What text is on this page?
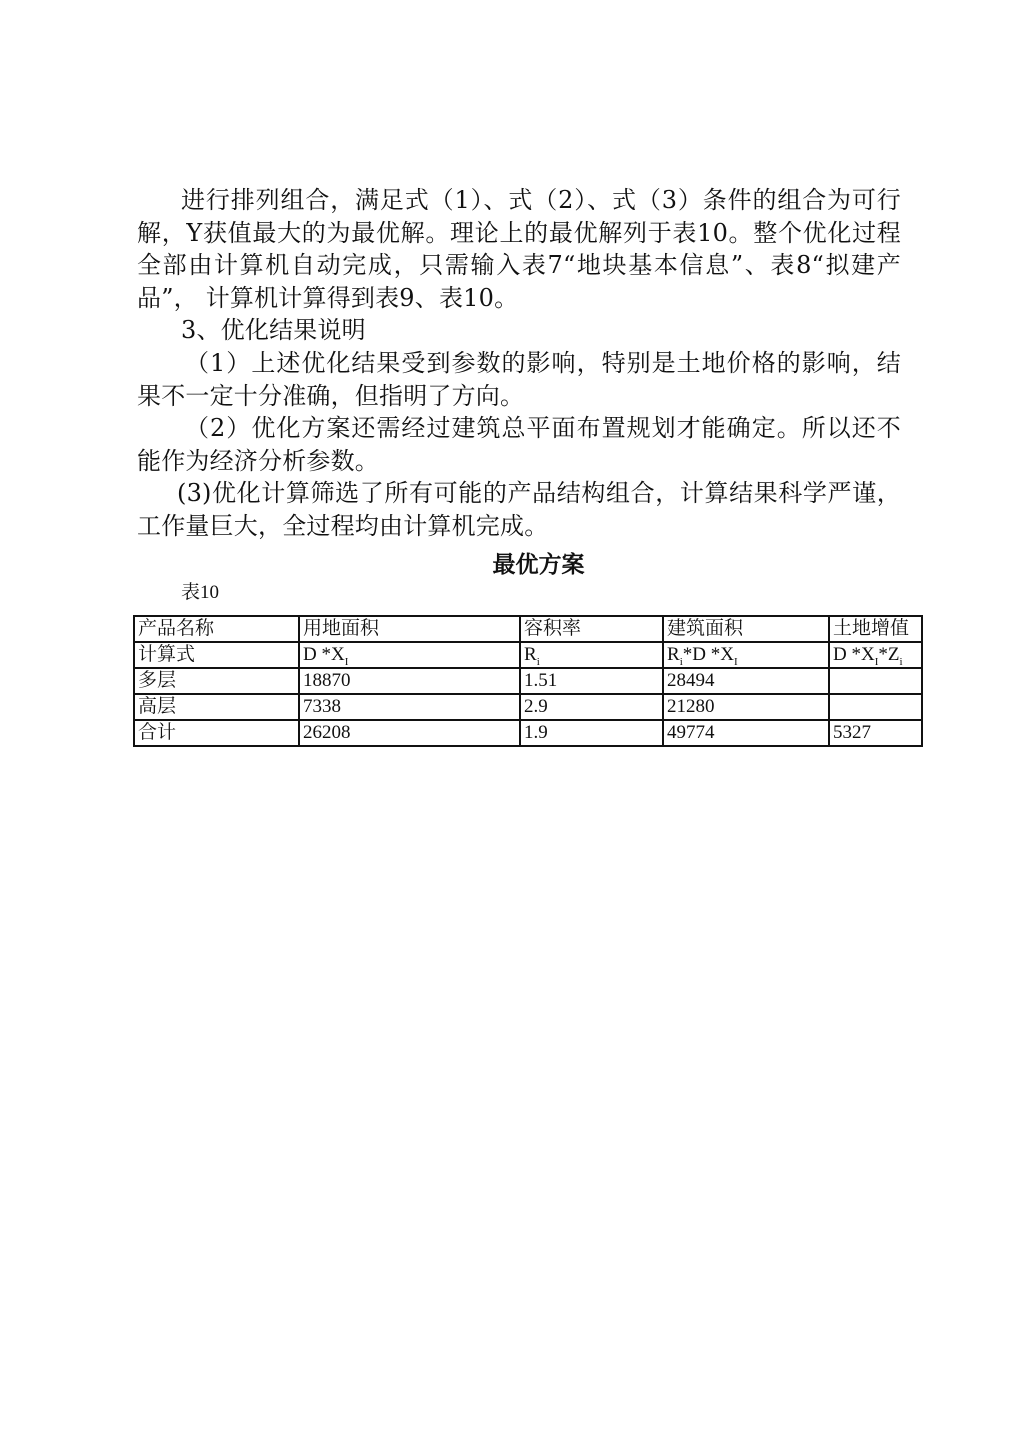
进行排列组合，满足式（1）、式（2）、式（3）条件的组合为可行解，Y获值最大的为最优解。理论上的最优解列于表10。整个优化过程全部由计算机自动完成，只需输入表7“地块基本信息”、表8“拟建产品”， 计算机计算得到表9、表10。

3、优化结果说明

（1）上述优化结果受到参数的影响，特别是土地价格的影响，结果不一定十分准确，但指明了方向。

（2）优化方案还需经过建筑总平面布置规划才能确定。所以还不能作为经济分析参数。

(3)优化计算筛选了所有可能的产品结构组合，计算结果科学严谨，工作量巨大，全过程均由计算机完成。

最优方案
表10
产品名称	用地面积	容积率	建筑面积	土地增值
计算式	D $*X_I$	$R_i$	$R_i*D$ $*X_I$	D $*X_I*Z_i$
多层	18870	1.51	28494	
高层	7338	2.9	21280	
合计	26208	1.9	49774	5327
